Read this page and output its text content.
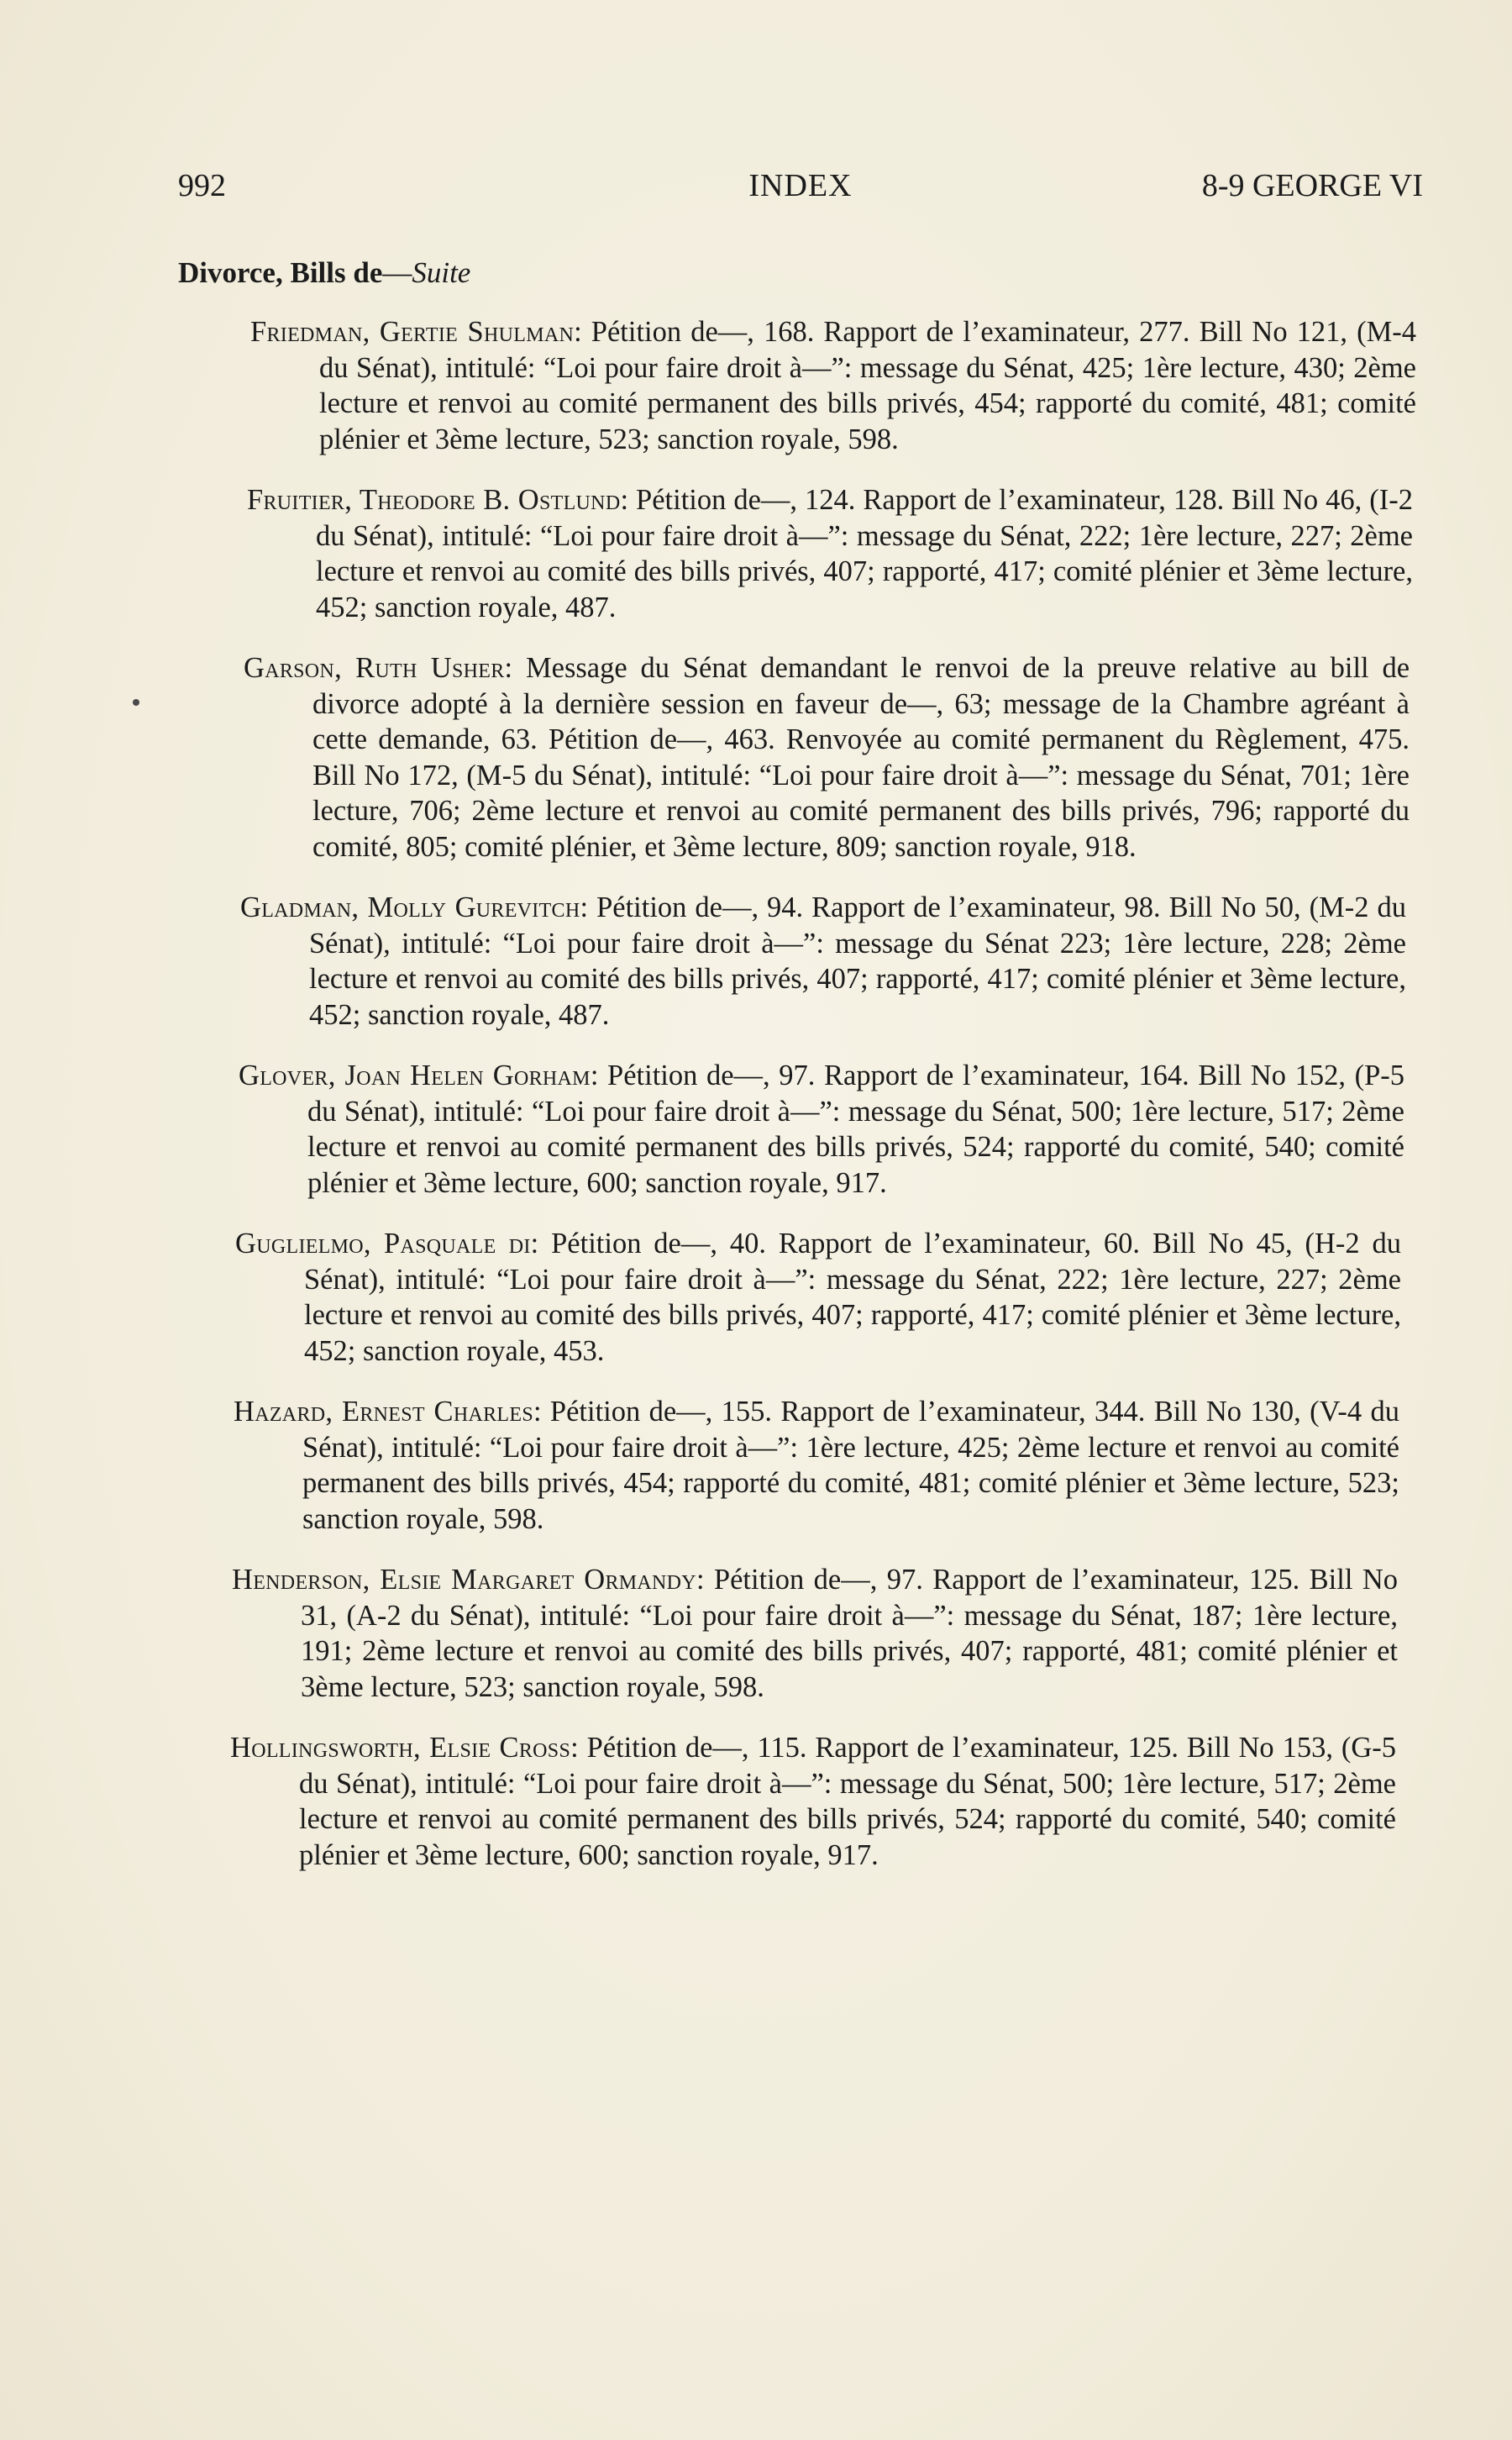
992	INDEX	8-9 GEORGE VI
Divorce, Bills de—Suite

Friedman, Gertie Shulman: Pétition de—, 168. Rapport de l’examinateur, 277. Bill No 121, (M-4 du Sénat), intitulé: “Loi pour faire droit à—”: message du Sénat, 425; 1ère lecture, 430; 2ème lecture et renvoi au comité permanent des bills privés, 454; rapporté du comité, 481; comité plénier et 3ème lecture, 523; sanction royale, 598.

Fruitier, Theodore B. Ostlund: Pétition de—, 124. Rapport de l’examinateur, 128. Bill No 46, (I-2 du Sénat), intitulé: “Loi pour faire droit à—”: message du Sénat, 222; 1ère lecture, 227; 2ème lecture et renvoi au comité des bills privés, 407; rapporté, 417; comité plénier et 3ème lecture, 452; sanction royale, 487.

Garson, Ruth Usher: Message du Sénat demandant le renvoi de la preuve relative au bill de divorce adopté à la dernière session en faveur de—, 63; message de la Chambre agréant à cette demande, 63. Pétition de—, 463. Renvoyée au comité permanent du Règlement, 475. Bill No 172, (M-5 du Sénat), intitulé: “Loi pour faire droit à—”: message du Sénat, 701; 1ère lecture, 706; 2ème lecture et renvoi au comité permanent des bills privés, 796; rapporté du comité, 805; comité plénier, et 3ème lecture, 809; sanction royale, 918.

Gladman, Molly Gurevitch: Pétition de—, 94. Rapport de l’examinateur, 98. Bill No 50, (M-2 du Sénat), intitulé: “Loi pour faire droit à—”: message du Sénat 223; 1ère lecture, 228; 2ème lecture et renvoi au comité des bills privés, 407; rapporté, 417; comité plénier et 3ème lecture, 452; sanction royale, 487.

Glover, Joan Helen Gorham: Pétition de—, 97. Rapport de l’examinateur, 164. Bill No 152, (P-5 du Sénat), intitulé: “Loi pour faire droit à—”: message du Sénat, 500; 1ère lecture, 517; 2ème lecture et renvoi au comité permanent des bills privés, 524; rapporté du comité, 540; comité plénier et 3ème lecture, 600; sanction royale, 917.

Guglielmo, Pasquale di: Pétition de—, 40. Rapport de l’examinateur, 60. Bill No 45, (H-2 du Sénat), intitulé: “Loi pour faire droit à—”: message du Sénat, 222; 1ère lecture, 227; 2ème lecture et renvoi au comité des bills privés, 407; rapporté, 417; comité plénier et 3ème lecture, 452; sanction royale, 453.

Hazard, Ernest Charles: Pétition de—, 155. Rapport de l’examinateur, 344. Bill No 130, (V-4 du Sénat), intitulé: “Loi pour faire droit à—”: 1ère lecture, 425; 2ème lecture et renvoi au comité permanent des bills privés, 454; rapporté du comité, 481; comité plénier et 3ème lecture, 523; sanction royale, 598.

Henderson, Elsie Margaret Ormandy: Pétition de—, 97. Rapport de l’examinateur, 125. Bill No 31, (A-2 du Sénat), intitulé: “Loi pour faire droit à—”: message du Sénat, 187; 1ère lecture, 191; 2ème lecture et renvoi au comité des bills privés, 407; rapporté, 481; comité plénier et 3ème lecture, 523; sanction royale, 598.

Hollingsworth, Elsie Cross: Pétition de—, 115. Rapport de l’examinateur, 125. Bill No 153, (G-5 du Sénat), intitulé: “Loi pour faire droit à—”: message du Sénat, 500; 1ère lecture, 517; 2ème lecture et renvoi au comité permanent des bills privés, 524; rapporté du comité, 540; comité plénier et 3ème lecture, 600; sanction royale, 917.
